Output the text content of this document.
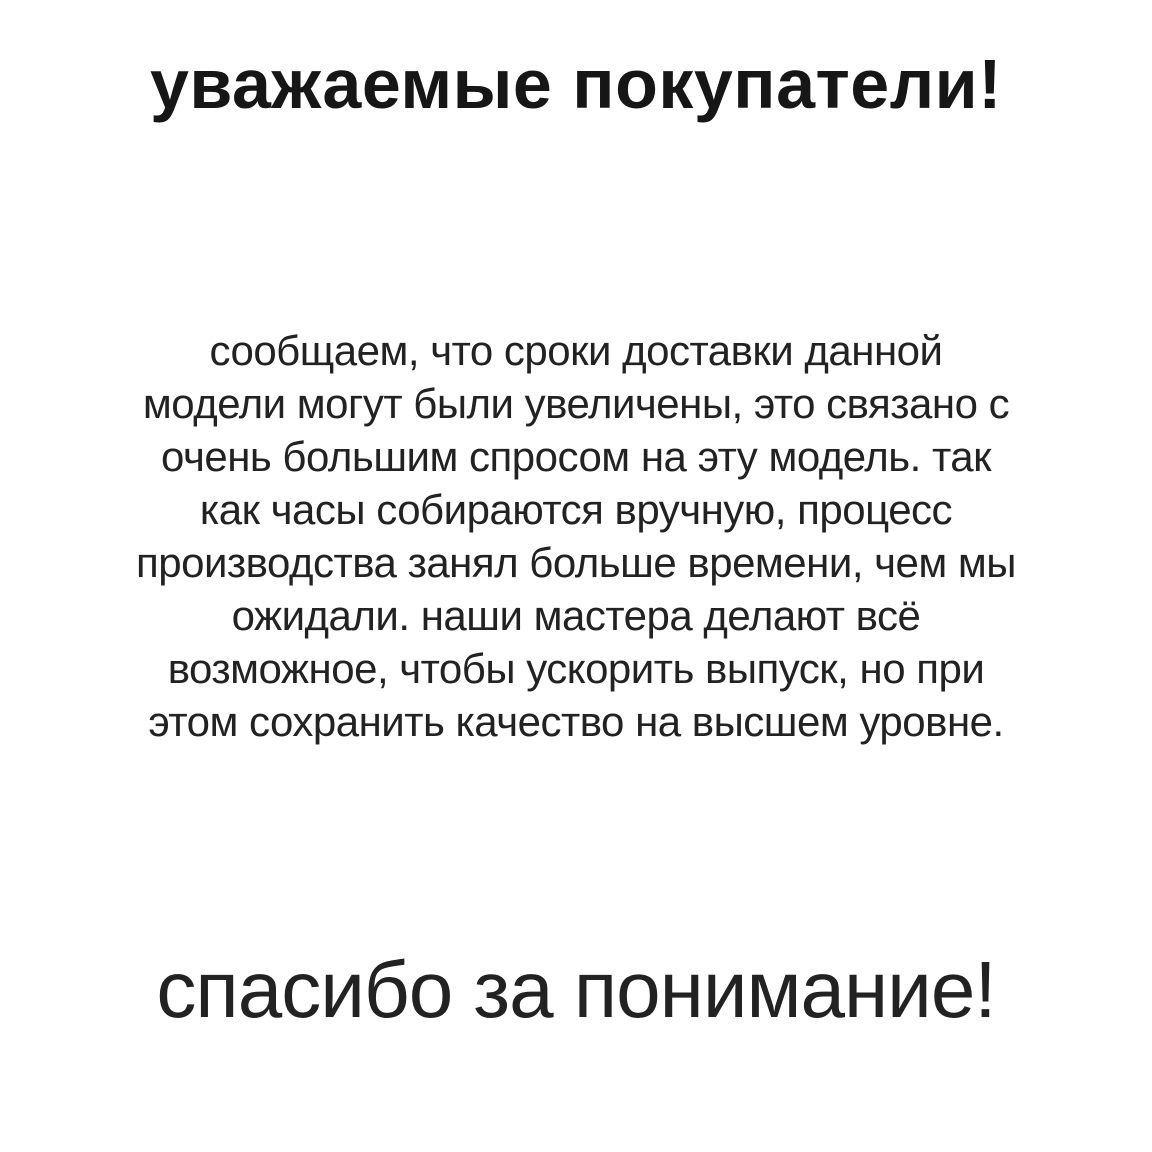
уважаемые покупатели!
сообщаем, что сроки доставки данной
модели могут были увеличены, это связано с
очень большим спросом на эту модель. так
как часы собираются вручную, процесс
производства занял больше времени, чем мы
ожидали. наши мастера делают всё
возможное, чтобы ускорить выпуск, но при
этом сохранить качество на высшем уровне.
спасибо за понимание!
